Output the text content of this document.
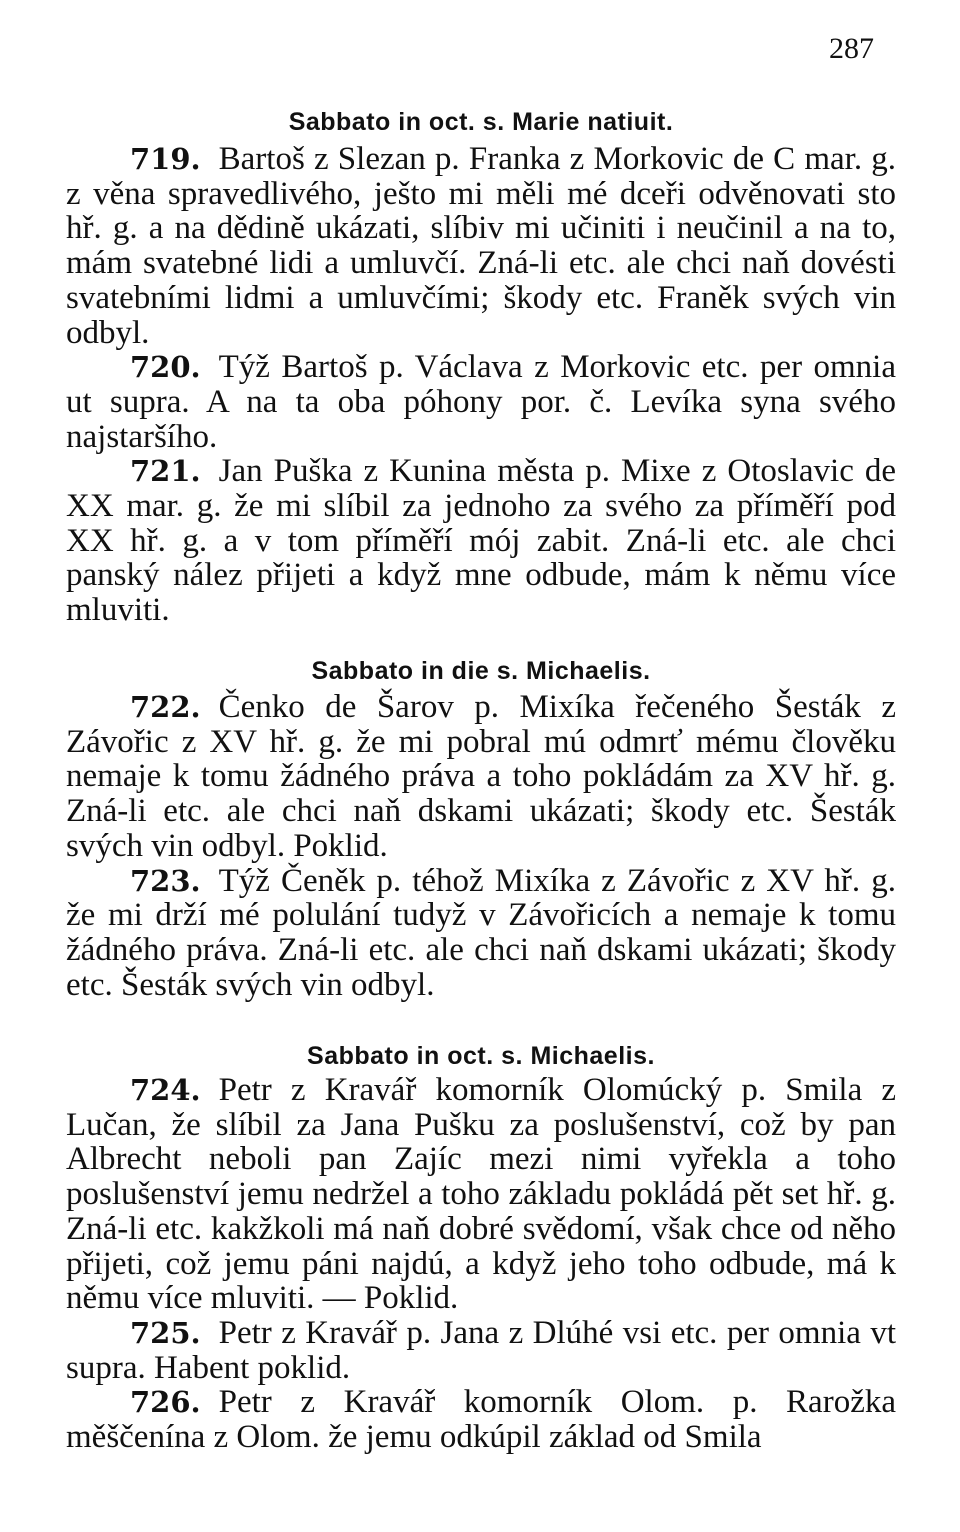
287
Sabbato in oct. s. Marie natiuit.

719. Bartoš z Slezan p. Franka z Morkovic de C mar. g. z věna spravedlivého, ješto mi měli mé dceři odvěnovati sto hř. g. a na dědině ukázati, slíbiv mi učiniti i neučinil a na to, mám svatebné lidi a umluvčí. Zná-li etc. ale chci naň dovésti svatebními lidmi a umluvčími; škody etc. Franěk svých vin odbyl.

720. Týž Bartoš p. Václava z Morkovic etc. per omnia ut supra. A na ta oba póhony por. č. Levíka syna svého najstaršího.

721. Jan Puška z Kunina města p. Mixe z Otoslavic de XX mar. g. že mi slíbil za jednoho za svého za příměří pod XX hř. g. a v tom příměří mój zabit. Zná-li etc. ale chci panský nález přijeti a když mne odbude, mám k němu více mluviti.

Sabbato in die s. Michaelis.

722. Čenko de Šarov p. Mixíka řečeného Šesták z Závořic z XV hř. g. že mi pobral mú odmrť mému člověku nemaje k tomu žádného práva a toho pokládám za XV hř. g. Zná-li etc. ale chci naň dskami ukázati; škody etc. Šesták svých vin odbyl. Poklid.

723. Týž Čeněk p. téhož Mixíka z Závořic z XV hř. g. že mi drží mé polulání tudyž v Závořicích a nemaje k tomu žádného práva. Zná-li etc. ale chci naň dskami ukázati; škody etc. Šesták svých vin odbyl.

Sabbato in oct. s. Michaelis.

724. Petr z Kravář komorník Olomúcký p. Smila z Lučan, že slíbil za Jana Pušku za poslušenství, což by pan Albrecht neboli pan Zajíc mezi nimi vyřekla a toho poslušenství jemu nedržel a toho základu pokládá pět set hř. g. Zná-li etc. kakžkoli má naň dobré svědomí, však chce od něho přijeti, což jemu páni najdú, a když jeho toho odbude, má k němu více mluviti. — Poklid.

725. Petr z Kravář p. Jana z Dlúhé vsi etc. per omnia vt supra. Habent poklid.

726. Petr z Kravář komorník Olom. p. Rarožka měščenína z Olom. že jemu odkúpil základ od Smila
